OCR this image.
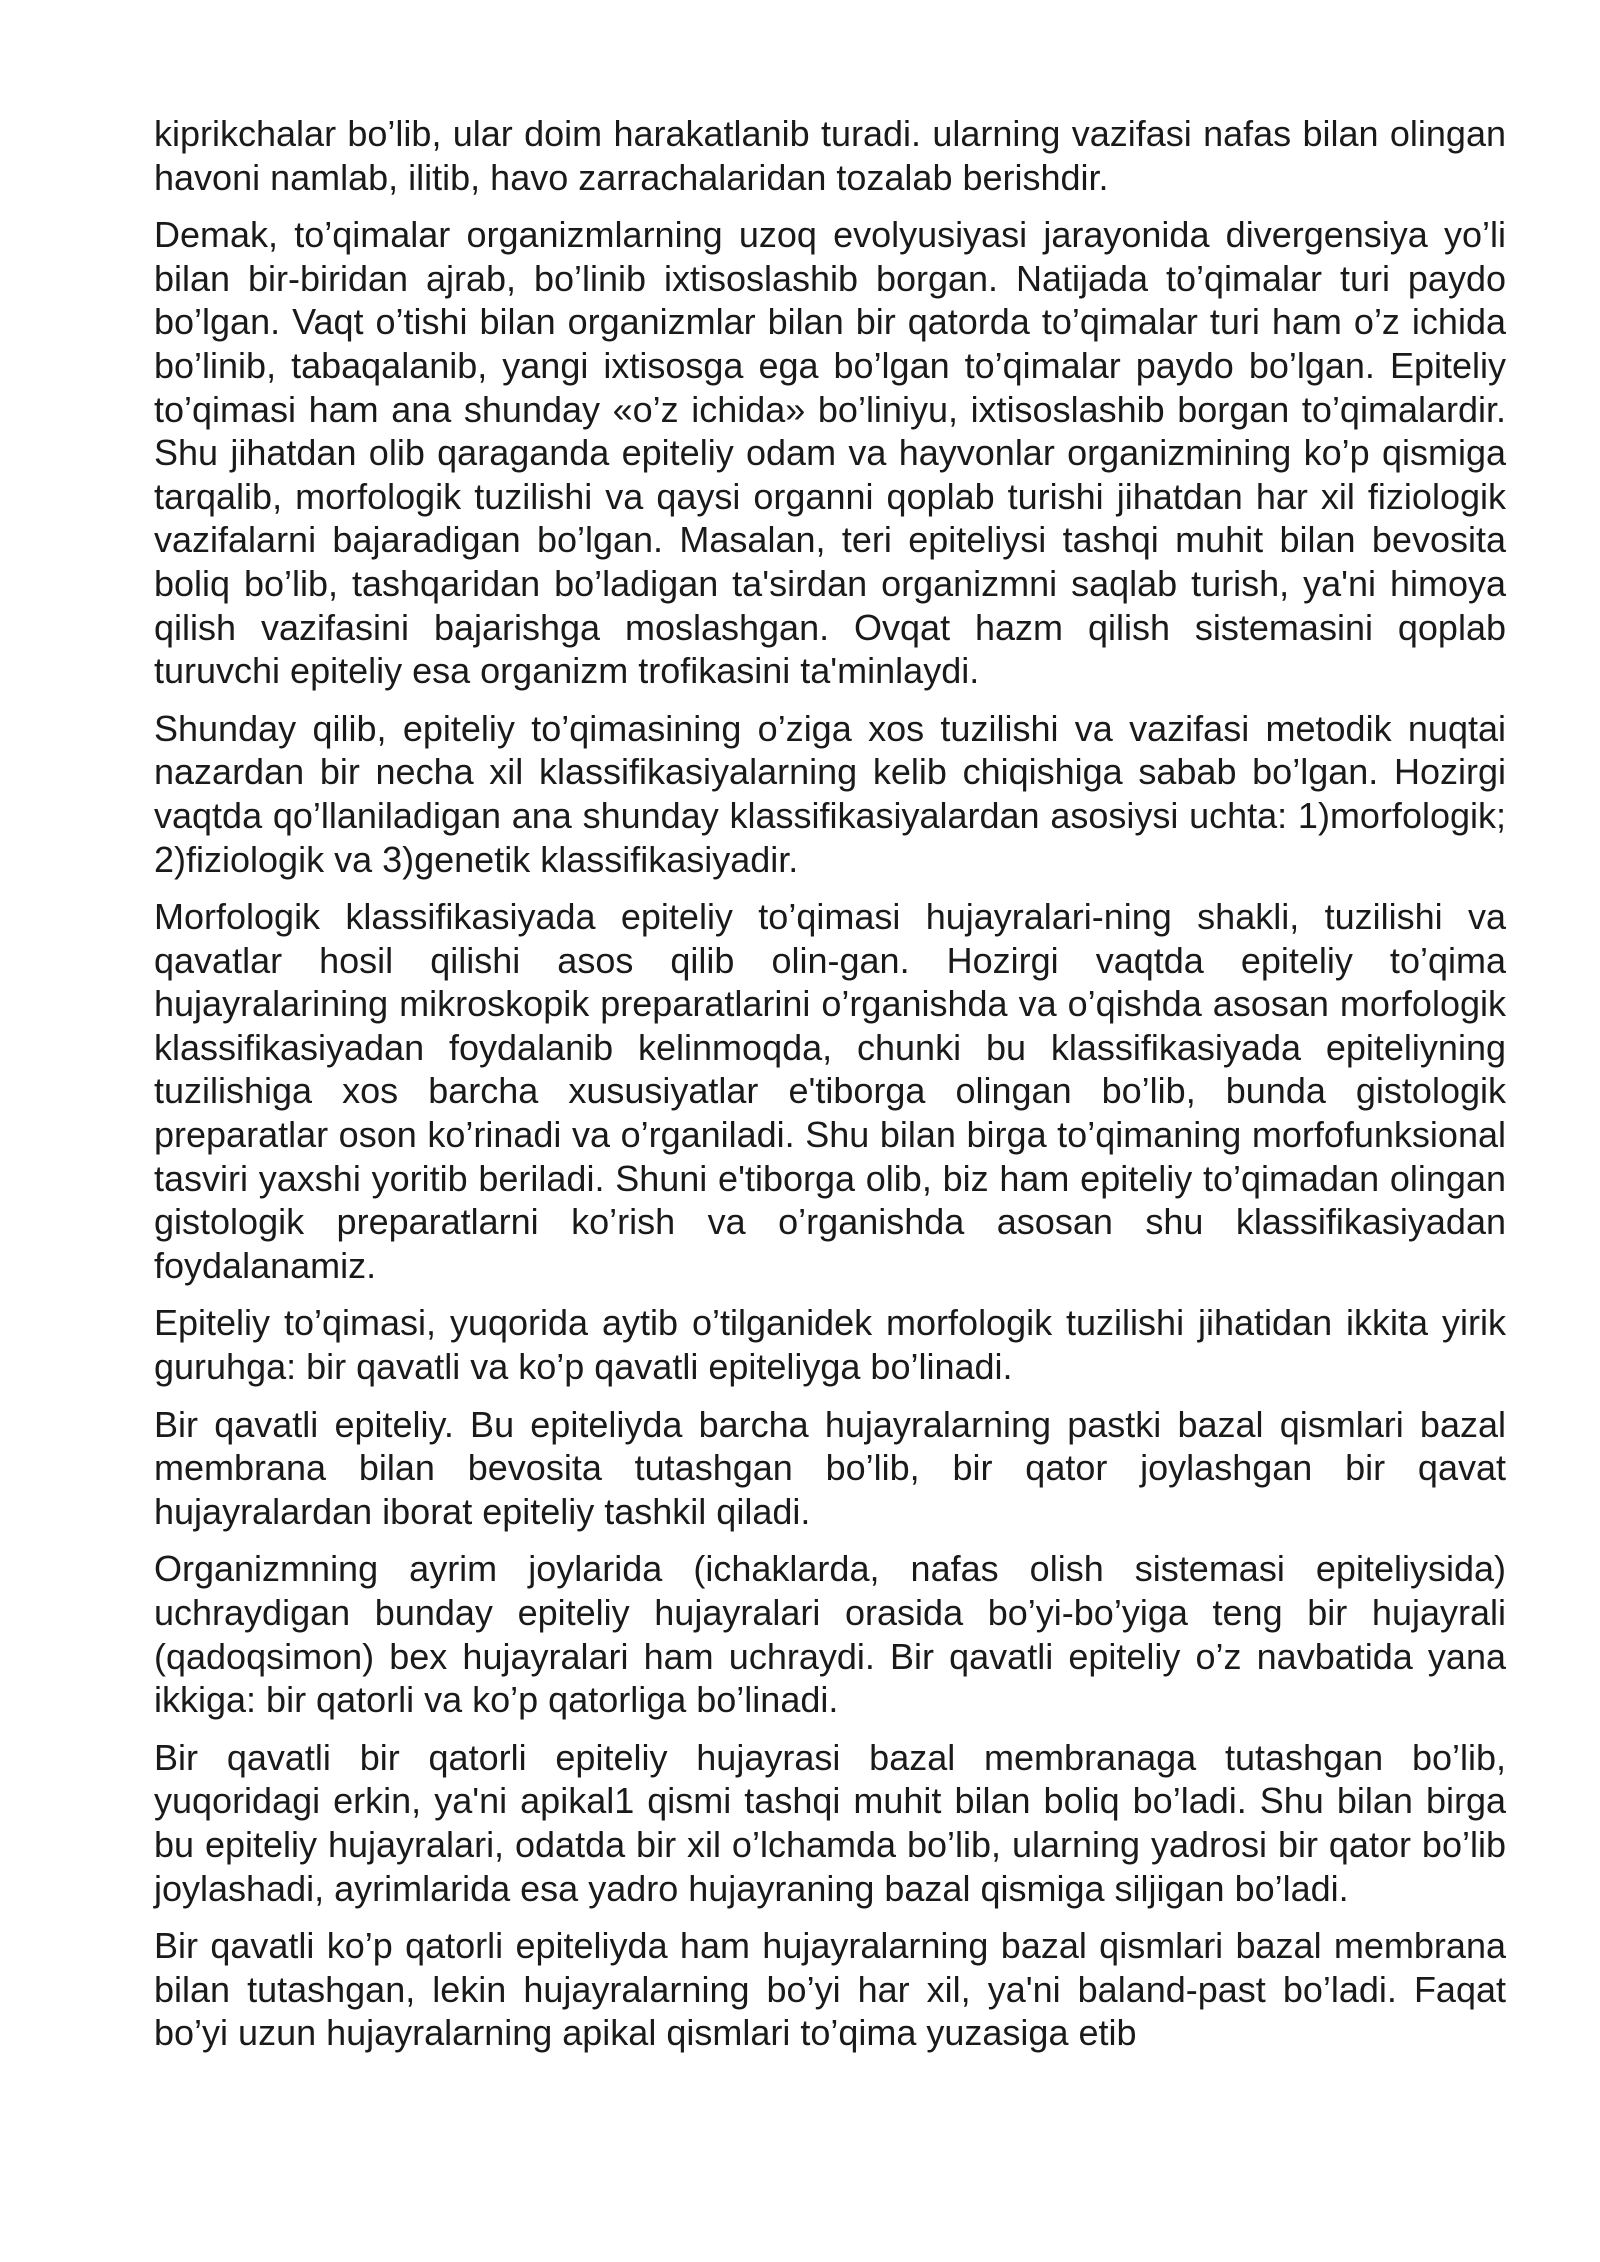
kiprikchalar bo’lib, ular doim harakatlanib turadi. ularning vazifasi nafas bilan olingan havoni namlab, ilitib, havo zarrachalaridan tozalab berishdir.

Demak, to’qimalar organizmlarning uzoq evolyusiyasi jarayonida divergensiya yo’li bilan bir-biridan ajrab, bo’linib ixtisoslashib borgan. Natijada to’qimalar turi paydo bo’lgan. Vaqt o’tishi bilan organizmlar bilan bir qatorda to’qimalar turi ham o’z ichida bo’linib, tabaqalanib, yangi ixtisosga ega bo’lgan to’qimalar paydo bo’lgan. Epiteliy to’qimasi ham ana shunday «o’z ichida» bo’liniyu, ixtisoslashib borgan to’qimalardir. Shu jihatdan olib qaraganda epiteliy odam va hayvonlar organizmining ko’p qismiga tarqalib, morfologik tuzilishi va qaysi organni qoplab turishi jihatdan har xil fiziologik vazifalarni bajaradigan bo’lgan. Masalan, teri epiteliysi tashqi muhit bilan bevosita boliq bo’lib, tashqaridan bo’ladigan ta'sirdan organizmni saqlab turish, ya'ni himoya qilish vazifasini bajarishga moslashgan. Ovqat hazm qilish sistemasini qoplab turuvchi epiteliy esa organizm trofikasini ta'minlaydi.

Shunday qilib, epiteliy to’qimasining o’ziga xos tuzilishi va vazifasi metodik nuqtai nazardan bir necha xil klassifikasiyalarning kelib chiqishiga sabab bo’lgan. Hozirgi vaqtda qo’llaniladigan ana shunday klassifikasiyalardan asosiysi uchta: 1)morfologik; 2)fiziologik va 3)genetik klassifikasiyadir.

Morfologik klassifikasiyada epiteliy to’qimasi hujayralari-ning shakli, tuzilishi va qavatlar hosil qilishi asos qilib olin-gan. Hozirgi vaqtda epiteliy to’qima hujayralarining mikroskopik preparatlarini o’rganishda va o’qishda asosan morfologik klassifikasiyadan foydalanib kelinmoqda, chunki bu klassifikasiyada epiteliyning tuzilishiga xos barcha xususiyatlar e'tiborga olingan bo’lib, bunda gistologik preparatlar oson ko’rinadi va o’rganiladi. Shu bilan birga to’qimaning morfofunksional tasviri yaxshi yoritib beriladi. Shuni e'tiborga olib, biz ham epiteliy to’qimadan olingan gistologik preparatlarni ko’rish va o’rganishda asosan shu klassifikasiyadan foydalanamiz.

Epiteliy to’qimasi, yuqorida aytib o’tilganidek morfologik tuzilishi jihatidan ikkita yirik guruhga: bir qavatli va ko’p qavatli epiteliyga bo’linadi.

Bir qavatli epiteliy. Bu epiteliyda barcha hujayralarning pastki bazal qismlari bazal membrana bilan bevosita tutashgan bo’lib, bir qator joylashgan bir qavat hujayralardan iborat epiteliy tashkil qiladi.

Organizmning ayrim joylarida (ichaklarda, nafas olish sistemasi epiteliysida) uchraydigan bunday epiteliy hujayralari orasida bo’yi-bo’yiga teng bir hujayrali (qadoqsimon) bex hujayralari ham uchraydi. Bir qavatli epiteliy o’z navbatida yana ikkiga: bir qatorli va ko’p qatorliga bo’linadi.

Bir qavatli bir qatorli epiteliy hujayrasi bazal membranaga tutashgan bo’lib, yuqoridagi erkin, ya'ni apikal1 qismi tashqi muhit bilan boliq bo’ladi. Shu bilan birga bu epiteliy hujayralari, odatda bir xil o’lchamda bo’lib, ularning yadrosi bir qator bo’lib joylashadi, ayrimlarida esa yadro hujayraning bazal qismiga siljigan bo’ladi.

Bir qavatli ko’p qatorli epiteliyda ham hujayralarning bazal qismlari bazal membrana bilan tutashgan, lekin hujayralarning bo’yi har xil, ya'ni baland-past bo’ladi. Faqat bo’yi uzun hujayralarning apikal qismlari to’qima yuzasiga etib
